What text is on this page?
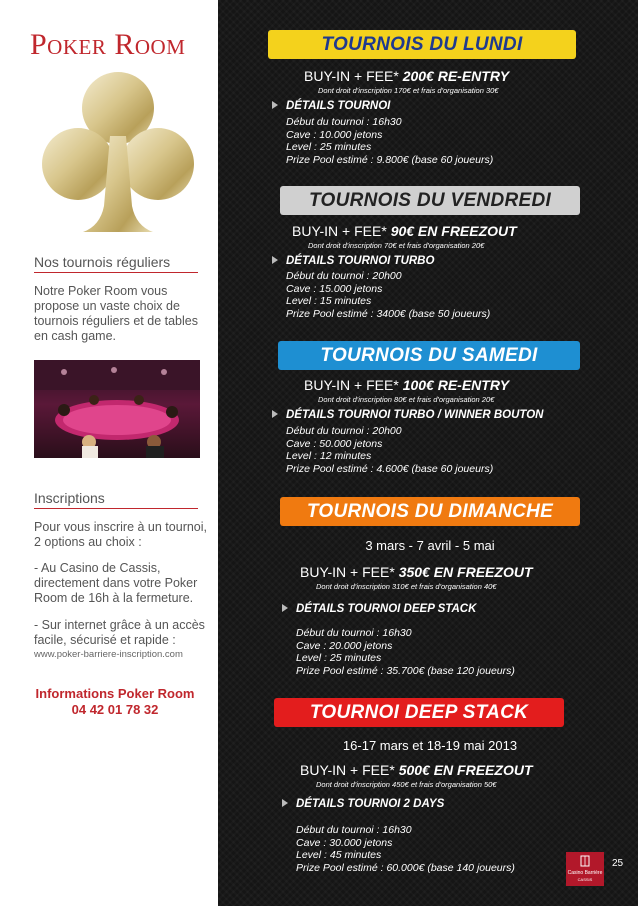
Poker Room
Nos tournois réguliers
Notre Poker Room vous propose un vaste choix de tournois réguliers et de tables en cash game.
Inscriptions
Pour vous inscrire à un tournoi, 2 options au choix :
- Au Casino de Cassis, directement dans votre Poker Room de 16h à la fermeture.
- Sur internet grâce à un accès facile, sécurisé et rapide :
www.poker-barriere-inscription.com
Informations Poker Room
04 42 01 78 32
TOURNOIS DU LUNDI
BUY-IN + FEE* 200€ RE-ENTRY
Dont droit d'inscription 170€ et frais d'organisation 30€
DÉTAILS TOURNOI
Début du tournoi : 16h30
Cave : 10.000 jetons
Level : 25 minutes
Prize Pool estimé : 9.800€ (base 60 joueurs)
TOURNOIS DU VENDREDI
BUY-IN + FEE* 90€ EN FREEZOUT
Dont droit d'inscription 70€ et frais d'organisation 20€
DÉTAILS TOURNOI TURBO
Début du tournoi : 20h00
Cave : 15.000 jetons
Level : 15 minutes
Prize Pool estimé : 3400€ (base 50 joueurs)
TOURNOIS DU SAMEDI
BUY-IN + FEE* 100€ RE-ENTRY
Dont droit d'inscription 80€ et frais d'organisation 20€
DÉTAILS TOURNOI TURBO / WINNER BOUTON
Début du tournoi : 20h00
Cave : 50.000 jetons
Level : 12 minutes
Prize Pool estimé : 4.600€ (base 60 joueurs)
TOURNOIS DU DIMANCHE
3 mars - 7 avril - 5 mai
BUY-IN + FEE* 350€ EN FREEZOUT
Dont droit d'inscription 310€ et frais d'organisation 40€
DÉTAILS TOURNOI DEEP STACK
Début du tournoi : 16h30
Cave : 20.000 jetons
Level : 25 minutes
Prize Pool estimé : 35.700€ (base 120 joueurs)
TOURNOI DEEP STACK
16-17 mars et 18-19 mai 2013
BUY-IN + FEE* 500€ EN FREEZOUT
Dont droit d'inscription 450€ et frais d'organisation 50€
DÉTAILS TOURNOI 2 DAYS
Début du tournoi : 16h30
Cave : 30.000 jetons
Level : 45 minutes
Prize Pool estimé : 60.000€ (base 140 joueurs)	Casino Barrière
CASSIS
25
